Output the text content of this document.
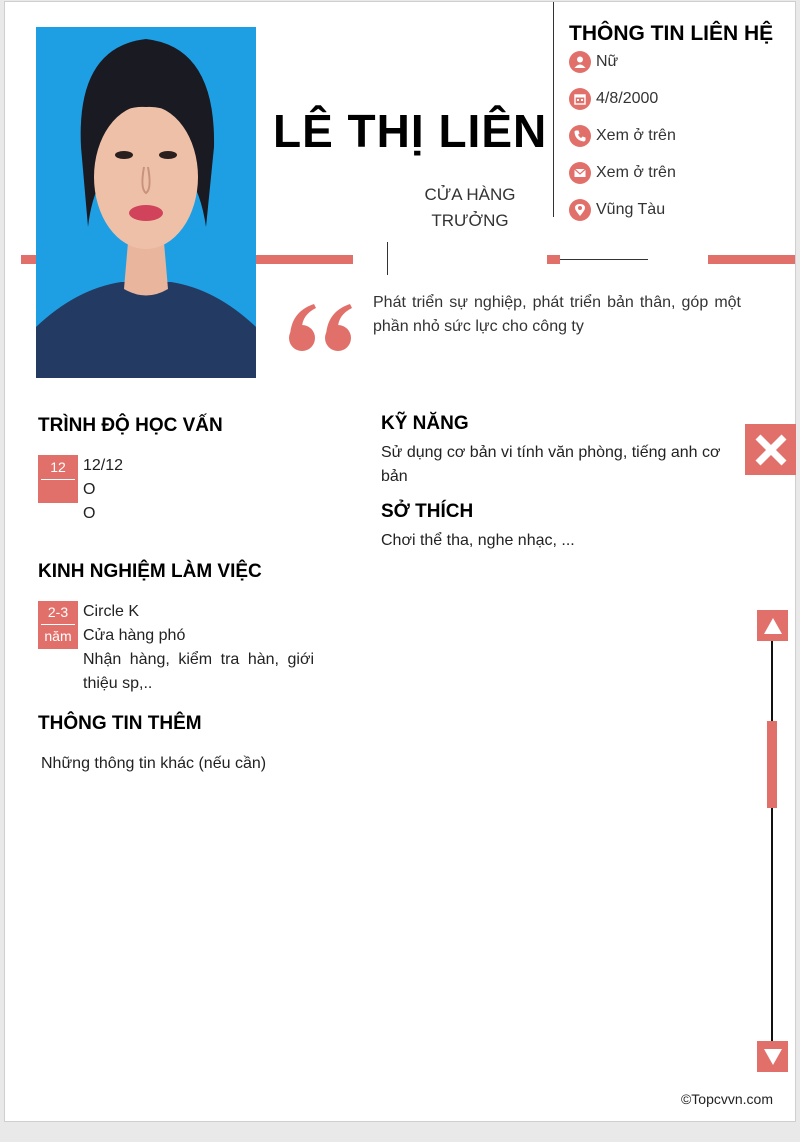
LÊ THỊ LIÊN
CỬA HÀNG
TRƯỞNG
THÔNG TIN LIÊN HỆ
Nữ
4/8/2000
Xem ở trên
Xem ở trên
Vũng Tàu
Phát triển sự nghiệp, phát triển bản thân, góp một phần nhỏ sức lực cho công ty
TRÌNH ĐỘ HỌC VẤN
12	12/12
O
O
KINH NGHIỆM LÀM VIỆC
2-3
năm
Circle K
Cửa hàng phó
Nhận hàng, kiểm tra hàn, giới thiệu sp,..
THÔNG TIN THÊM
Những thông tin khác (nếu cần)
KỸ NĂNG
Sử dụng cơ bản vi tính văn phòng, tiếng anh cơ bản
SỞ THÍCH
Chơi thể tha, nghe nhạc, ...
©Topcvvn.com
